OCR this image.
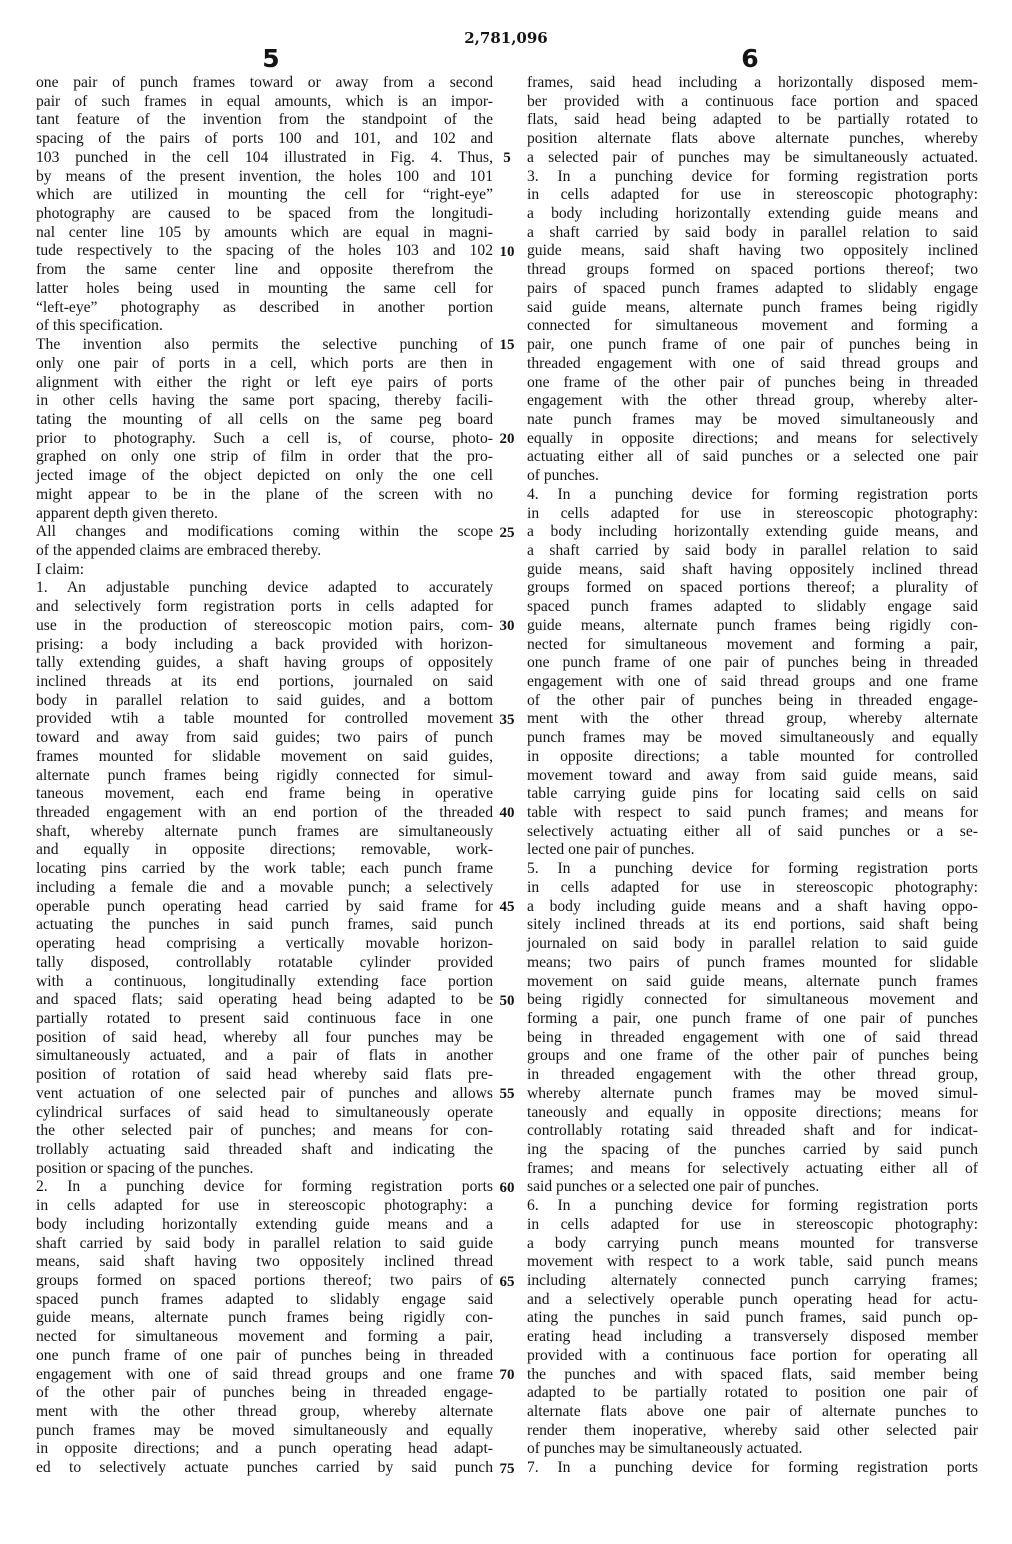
2,781,096
5	6
one pair of punch frames toward or away from a second
pair of such frames in equal amounts, which is an impor-
tant feature of the invention from the standpoint of the
spacing of the pairs of ports 100 and 101, and 102 and
103 punched in the cell 104 illustrated in Fig. 4. Thus,
by means of the present invention, the holes 100 and 101
which are utilized in mounting the cell for “right-eye”
photography are caused to be spaced from the longitudi-
nal center line 105 by amounts which are equal in magni-
tude respectively to the spacing of the holes 103 and 102
from the same center line and opposite therefrom the
latter holes being used in mounting the same cell for
“left-eye” photography as described in another portion
of this specification.
The invention also permits the selective punching of
only one pair of ports in a cell, which ports are then in
alignment with either the right or left eye pairs of ports
in other cells having the same port spacing, thereby facili-
tating the mounting of all cells on the same peg board
prior to photography. Such a cell is, of course, photo-
graphed on only one strip of film in order that the pro-
jected image of the object depicted on only the one cell
might appear to be in the plane of the screen with no
apparent depth given thereto.
All changes and modifications coming within the scope
of the appended claims are embraced thereby.
I claim:
1. An adjustable punching device adapted to accurately
and selectively form registration ports in cells adapted for
use in the production of stereoscopic motion pairs, com-
prising: a body including a back provided with horizon-
tally extending guides, a shaft having groups of oppositely
inclined threads at its end portions, journaled on said
body in parallel relation to said guides, and a bottom
provided wtih a table mounted for controlled movement
toward and away from said guides; two pairs of punch
frames mounted for slidable movement on said guides,
alternate punch frames being rigidly connected for simul-
taneous movement, each end frame being in operative
threaded engagement with an end portion of the threaded
shaft, whereby alternate punch frames are simultaneously
and equally in opposite directions; removable, work-
locating pins carried by the work table; each punch frame
including a female die and a movable punch; a selectively
operable punch operating head carried by said frame for
actuating the punches in said punch frames, said punch
operating head comprising a vertically movable horizon-
tally disposed, controllably rotatable cylinder provided
with a continuous, longitudinally extending face portion
and spaced flats; said operating head being adapted to be
partially rotated to present said continuous face in one
position of said head, whereby all four punches may be
simultaneously actuated, and a pair of flats in another
position of rotation of said head whereby said flats pre-
vent actuation of one selected pair of punches and allows
cylindrical surfaces of said head to simultaneously operate
the other selected pair of punches; and means for con-
trollably actuating said threaded shaft and indicating the
position or spacing of the punches.
2. In a punching device for forming registration ports
in cells adapted for use in stereoscopic photography: a
body including horizontally extending guide means and a
shaft carried by said body in parallel relation to said guide
means, said shaft having two oppositely inclined thread
groups formed on spaced portions thereof; two pairs of
spaced punch frames adapted to slidably engage said
guide means, alternate punch frames being rigidly con-
nected for simultaneous movement and forming a pair,
one punch frame of one pair of punches being in threaded
engagement with one of said thread groups and one frame
of the other pair of punches being in threaded engage-
ment with the other thread group, whereby alternate
punch frames may be moved simultaneously and equally
in opposite directions; and a punch operating head adapt-
ed to selectively actuate punches carried by said punch
5
10
15
20
25
30
35
40
45
50
55
60
65
70
75
frames, said head including a horizontally disposed mem-
ber provided with a continuous face portion and spaced
flats, said head being adapted to be partially rotated to
position alternate flats above alternate punches, whereby
a selected pair of punches may be simultaneously actuated.
3. In a punching device for forming registration ports
in cells adapted for use in stereoscopic photography:
a body including horizontally extending guide means and
a shaft carried by said body in parallel relation to said
guide means, said shaft having two oppositely inclined
thread groups formed on spaced portions thereof; two
pairs of spaced punch frames adapted to slidably engage
said guide means, alternate punch frames being rigidly
connected for simultaneous movement and forming a
pair, one punch frame of one pair of punches being in
threaded engagement with one of said thread groups and
one frame of the other pair of punches being in threaded
engagement with the other thread group, whereby alter-
nate punch frames may be moved simultaneously and
equally in opposite directions; and means for selectively
actuating either all of said punches or a selected one pair
of punches.
4. In a punching device for forming registration ports
in cells adapted for use in stereoscopic photography:
a body including horizontally extending guide means, and
a shaft carried by said body in parallel relation to said
guide means, said shaft having oppositely inclined thread
groups formed on spaced portions thereof; a plurality of
spaced punch frames adapted to slidably engage said
guide means, alternate punch frames being rigidly con-
nected for simultaneous movement and forming a pair,
one punch frame of one pair of punches being in threaded
engagement with one of said thread groups and one frame
of the other pair of punches being in threaded engage-
ment with the other thread group, whereby alternate
punch frames may be moved simultaneously and equally
in opposite directions; a table mounted for controlled
movement toward and away from said guide means, said
table carrying guide pins for locating said cells on said
table with respect to said punch frames; and means for
selectively actuating either all of said punches or a se-
lected one pair of punches.
5. In a punching device for forming registration ports
in cells adapted for use in stereoscopic photography:
a body including guide means and a shaft having oppo-
sitely inclined threads at its end portions, said shaft being
journaled on said body in parallel relation to said guide
means; two pairs of punch frames mounted for slidable
movement on said guide means, alternate punch frames
being rigidly connected for simultaneous movement and
forming a pair, one punch frame of one pair of punches
being in threaded engagement with one of said thread
groups and one frame of the other pair of punches being
in threaded engagement with the other thread group,
whereby alternate punch frames may be moved simul-
taneously and equally in opposite directions; means for
controllably rotating said threaded shaft and for indicat-
ing the spacing of the punches carried by said punch
frames; and means for selectively actuating either all of
said punches or a selected one pair of punches.
6. In a punching device for forming registration ports
in cells adapted for use in stereoscopic photography:
a body carrying punch means mounted for transverse
movement with respect to a work table, said punch means
including alternately connected punch carrying frames;
and a selectively operable punch operating head for actu-
ating the punches in said punch frames, said punch op-
erating head including a transversely disposed member
provided with a continuous face portion for operating all
the punches and with spaced flats, said member being
adapted to be partially rotated to position one pair of
alternate flats above one pair of alternate punches to
render them inoperative, whereby said other selected pair
of punches may be simultaneously actuated.
7. In a punching device for forming registration ports
